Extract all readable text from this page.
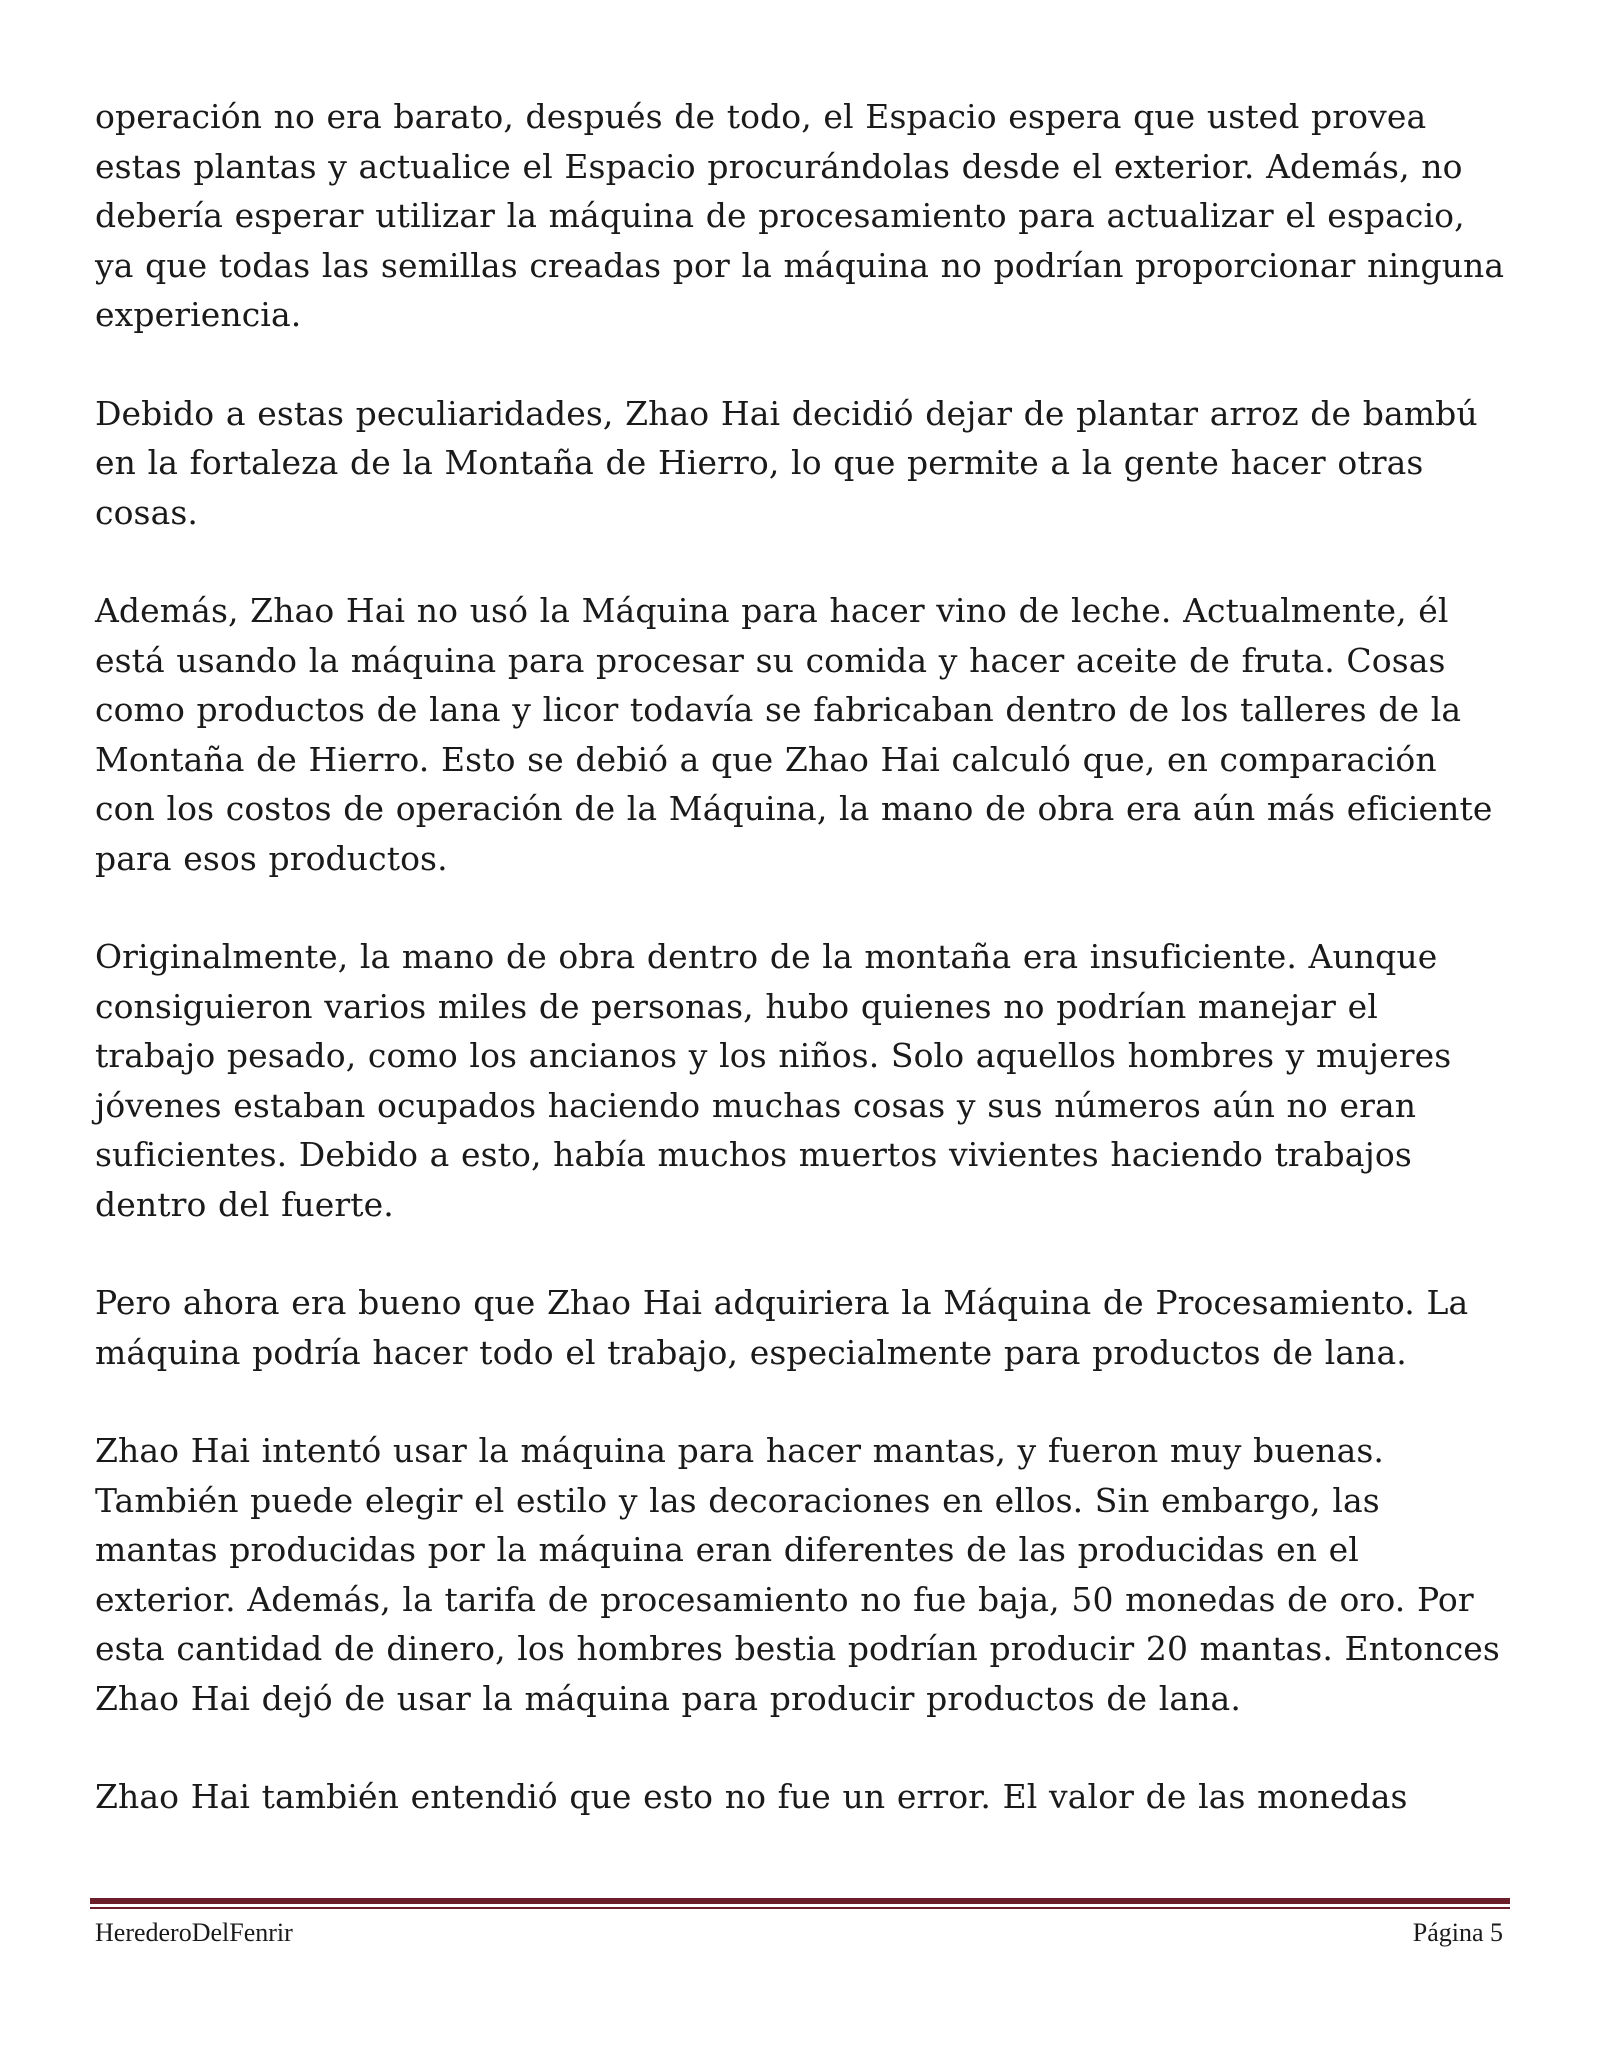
operación no era barato, después de todo, el Espacio espera que usted provea estas plantas y actualice el Espacio procurándolas desde el exterior. Además, no debería esperar utilizar la máquina de procesamiento para actualizar el espacio, ya que todas las semillas creadas por la máquina no podrían proporcionar ninguna experiencia.

Debido a estas peculiaridades, Zhao Hai decidió dejar de plantar arroz de bambú en la fortaleza de la Montaña de Hierro, lo que permite a la gente hacer otras cosas.

Además, Zhao Hai no usó la Máquina para hacer vino de leche. Actualmente, él está usando la máquina para procesar su comida y hacer aceite de fruta. Cosas como productos de lana y licor todavía se fabricaban dentro de los talleres de la Montaña de Hierro. Esto se debió a que Zhao Hai calculó que, en comparación con los costos de operación de la Máquina, la mano de obra era aún más eficiente para esos productos.

Originalmente, la mano de obra dentro de la montaña era insuficiente. Aunque consiguieron varios miles de personas, hubo quienes no podrían manejar el trabajo pesado, como los ancianos y los niños. Solo aquellos hombres y mujeres jóvenes estaban ocupados haciendo muchas cosas y sus números aún no eran suficientes. Debido a esto, había muchos muertos vivientes haciendo trabajos dentro del fuerte.

Pero ahora era bueno que Zhao Hai adquiriera la Máquina de Procesamiento. La máquina podría hacer todo el trabajo, especialmente para productos de lana.

Zhao Hai intentó usar la máquina para hacer mantas, y fueron muy buenas. También puede elegir el estilo y las decoraciones en ellos. Sin embargo, las mantas producidas por la máquina eran diferentes de las producidas en el exterior. Además, la tarifa de procesamiento no fue baja, 50 monedas de oro. Por esta cantidad de dinero, los hombres bestia podrían producir 20 mantas. Entonces Zhao Hai dejó de usar la máquina para producir productos de lana.

Zhao Hai también entendió que esto no fue un error. El valor de las monedas

HerederoDelFenrir	Página 5
